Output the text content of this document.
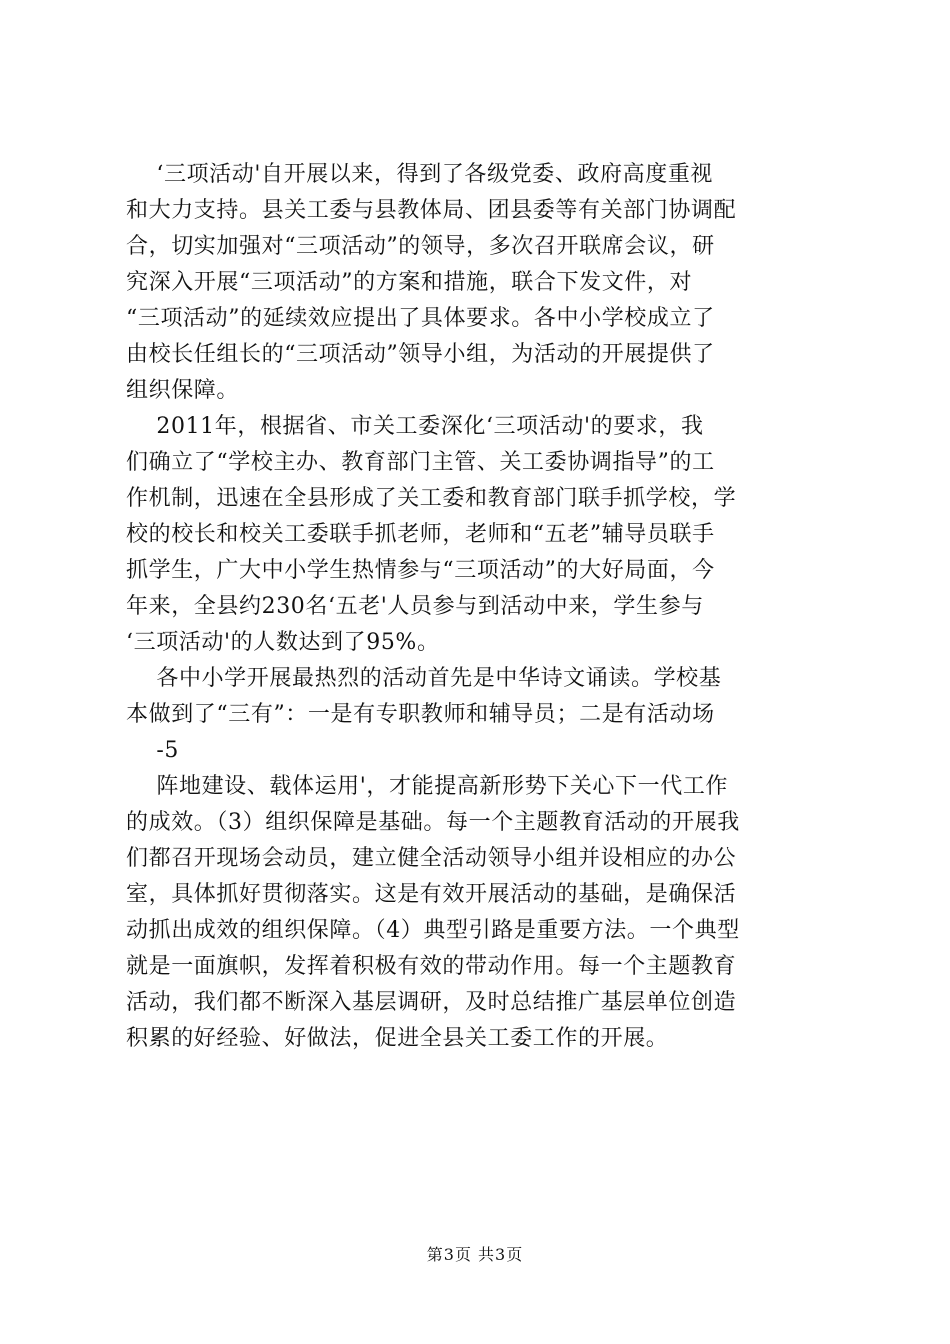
‘三项活动'自开展以来，得到了各级党委、政府高度重视
和大力支持。县关工委与县教体局、团县委等有关部门协调配
合，切实加强对“三项活动”的领导，多次召开联席会议，研
究深入开展“三项活动”的方案和措施，联合下发文件，对
“三项活动”的延续效应提出了具体要求。各中小学校成立了
由校长任组长的“三项活动”领导小组，为活动的开展提供了
组织保障。
2011年，根据省、市关工委深化‘三项活动'的要求，我
们确立了“学校主办、教育部门主管、关工委协调指导”的工
作机制，迅速在全县形成了关工委和教育部门联手抓学校，学
校的校长和校关工委联手抓老师，老师和“五老”辅导员联手
抓学生，广大中小学生热情参与“三项活动”的大好局面，今
年来，全县约230名‘五老'人员参与到活动中来，学生参与
‘三项活动'的人数达到了95%。
各中小学开展最热烈的活动首先是中华诗文诵读。学校基
本做到了“三有”：一是有专职教师和辅导员；二是有活动场
-5
阵地建设、载体运用'，才能提高新形势下关心下一代工作
的成效。（3）组织保障是基础。每一个主题教育活动的开展我
们都召开现场会动员，建立健全活动领导小组并设相应的办公
室，具体抓好贯彻落实。这是有效开展活动的基础，是确保活
动抓出成效的组织保障。（4）典型引路是重要方法。一个典型
就是一面旗帜，发挥着积极有效的带动作用。每一个主题教育
活动，我们都不断深入基层调研，及时总结推广基层单位创造
积累的好经验、好做法，促进全县关工委工作的开展。
第3页 共3页
